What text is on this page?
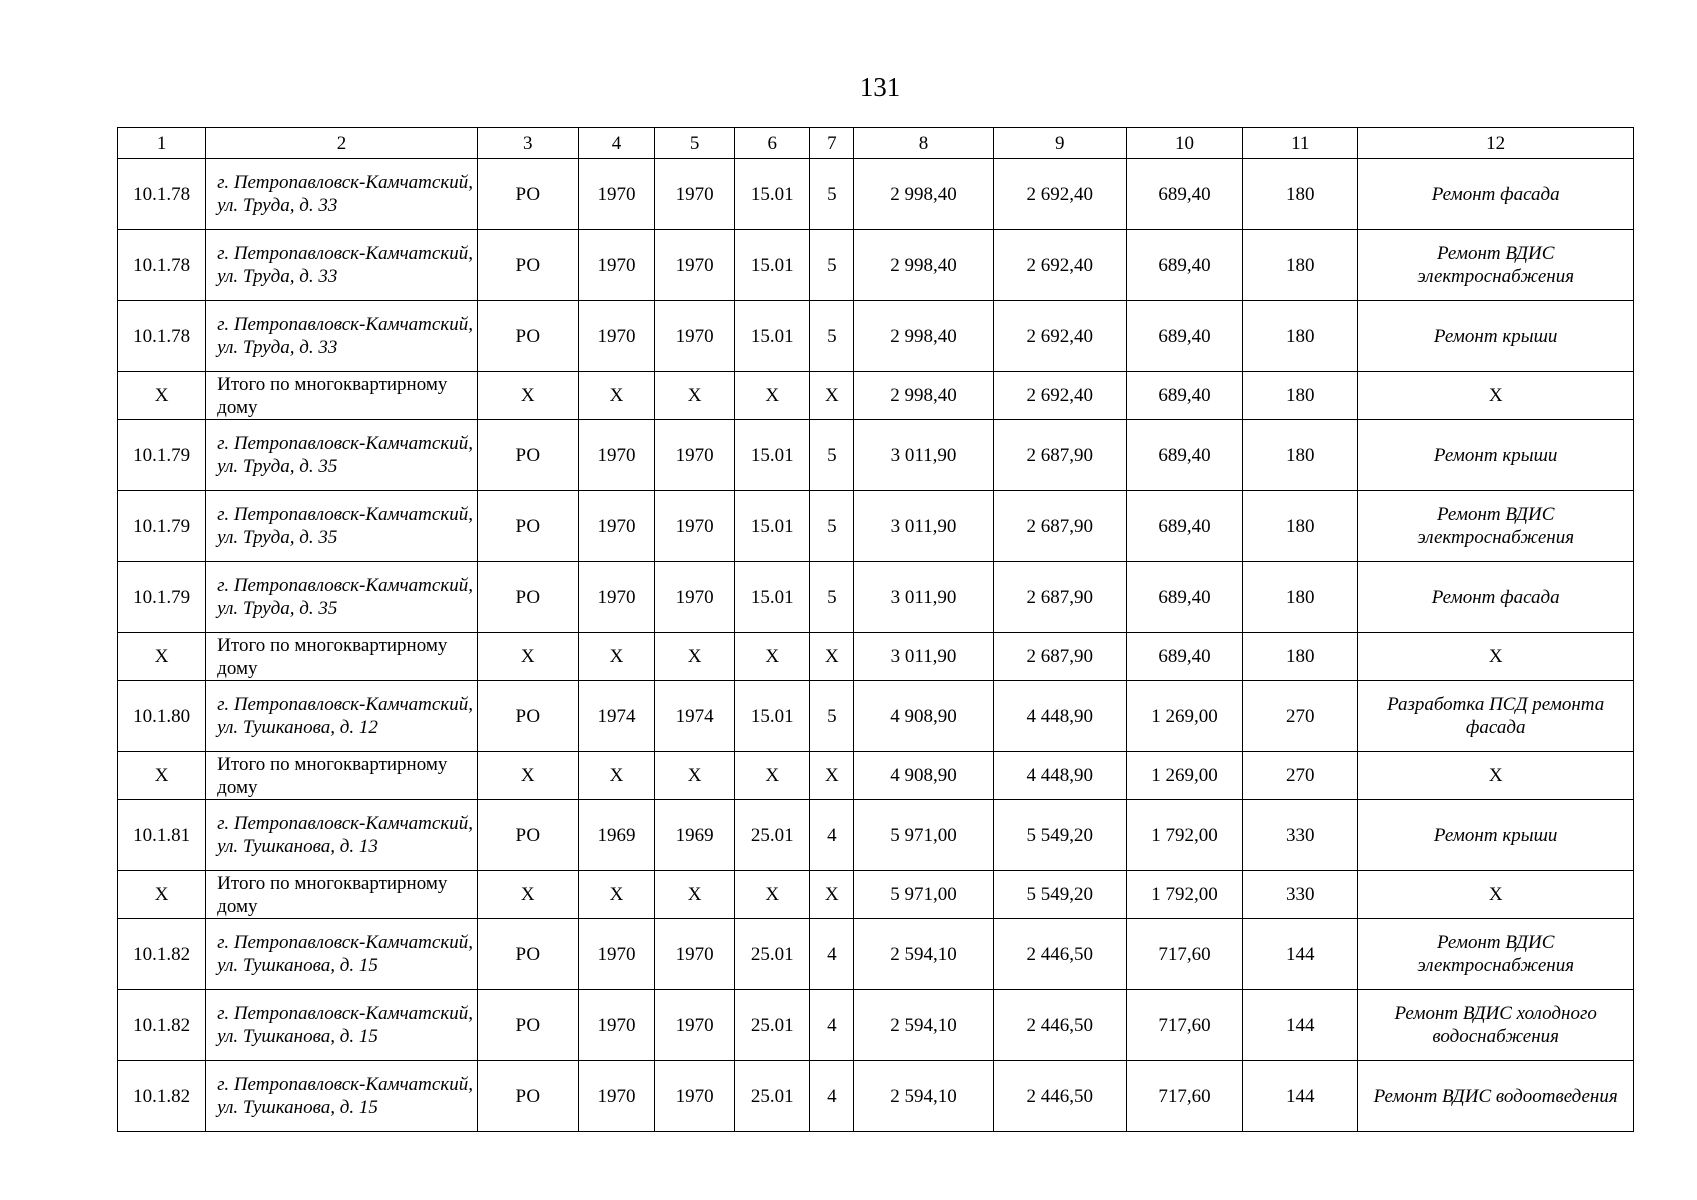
131
1	2	3	4	5	6	7	8	9	10	11	12
10.1.78	г. Петропавловск-Камчатский, ул. Труда, д. 33	РО	1970	1970	15.01	5	2 998,40	2 692,40	689,40	180	Ремонт фасада
10.1.78	г. Петропавловск-Камчатский, ул. Труда, д. 33	РО	1970	1970	15.01	5	2 998,40	2 692,40	689,40	180	Ремонт ВДИС электроснабжения
10.1.78	г. Петропавловск-Камчатский, ул. Труда, д. 33	РО	1970	1970	15.01	5	2 998,40	2 692,40	689,40	180	Ремонт крыши
Х	Итого по многоквартирному дому	Х	Х	Х	Х	Х	2 998,40	2 692,40	689,40	180	Х
10.1.79	г. Петропавловск-Камчатский, ул. Труда, д. 35	РО	1970	1970	15.01	5	3 011,90	2 687,90	689,40	180	Ремонт крыши
10.1.79	г. Петропавловск-Камчатский, ул. Труда, д. 35	РО	1970	1970	15.01	5	3 011,90	2 687,90	689,40	180	Ремонт ВДИС электроснабжения
10.1.79	г. Петропавловск-Камчатский, ул. Труда, д. 35	РО	1970	1970	15.01	5	3 011,90	2 687,90	689,40	180	Ремонт фасада
Х	Итого по многоквартирному дому	Х	Х	Х	Х	Х	3 011,90	2 687,90	689,40	180	Х
10.1.80	г. Петропавловск-Камчатский, ул. Тушканова, д. 12	РО	1974	1974	15.01	5	4 908,90	4 448,90	1 269,00	270	Разработка ПСД ремонта фасада
Х	Итого по многоквартирному дому	Х	Х	Х	Х	Х	4 908,90	4 448,90	1 269,00	270	Х
10.1.81	г. Петропавловск-Камчатский, ул. Тушканова, д. 13	РО	1969	1969	25.01	4	5 971,00	5 549,20	1 792,00	330	Ремонт крыши
Х	Итого по многоквартирному дому	Х	Х	Х	Х	Х	5 971,00	5 549,20	1 792,00	330	Х
10.1.82	г. Петропавловск-Камчатский, ул. Тушканова, д. 15	РО	1970	1970	25.01	4	2 594,10	2 446,50	717,60	144	Ремонт ВДИС электроснабжения
10.1.82	г. Петропавловск-Камчатский, ул. Тушканова, д. 15	РО	1970	1970	25.01	4	2 594,10	2 446,50	717,60	144	Ремонт ВДИС холодного водоснабжения
10.1.82	г. Петропавловск-Камчатский, ул. Тушканова, д. 15	РО	1970	1970	25.01	4	2 594,10	2 446,50	717,60	144	Ремонт ВДИС водоотведения
